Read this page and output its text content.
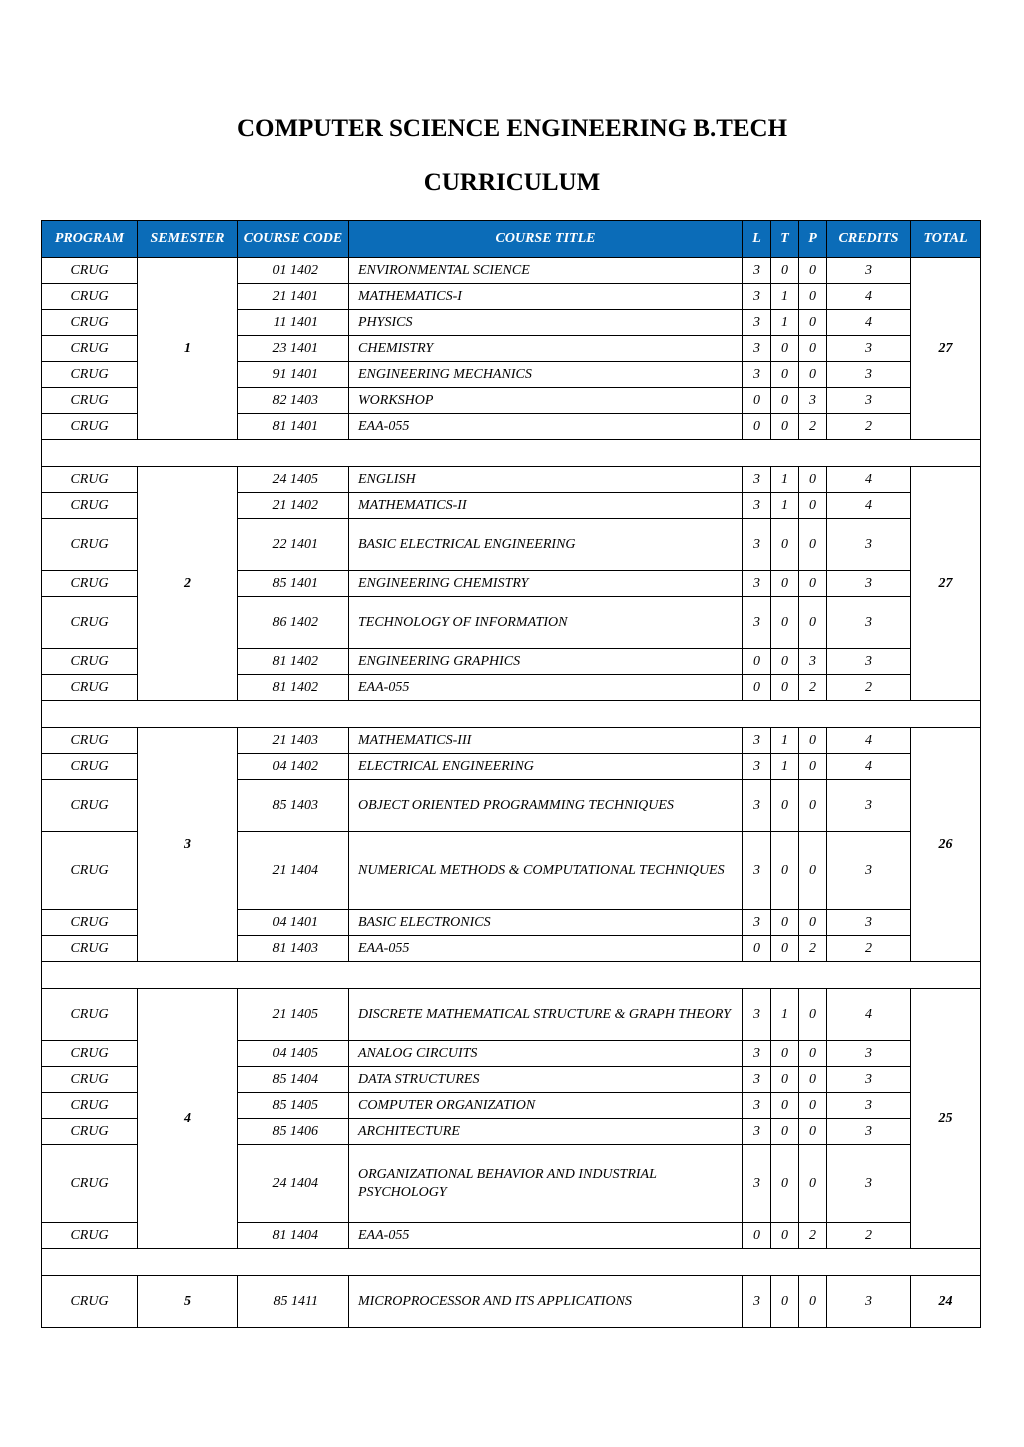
COMPUTER SCIENCE ENGINEERING B.TECH
CURRICULUM
PROGRAM	SEMESTER	COURSE CODE	COURSE TITLE	L	T	P	CREDITS	TOTAL
CRUG	1	01 1402	ENVIRONMENTAL SCIENCE	3	0	0	3	27
CRUG		21 1401	MATHEMATICS-I	3	1	0	4	
CRUG		11 1401	PHYSICS	3	1	0	4	
CRUG		23 1401	CHEMISTRY	3	0	0	3	
CRUG		91 1401	ENGINEERING MECHANICS	3	0	0	3	
CRUG		82 1403	WORKSHOP	0	0	3	3	
CRUG		81 1401	EAA-055	0	0	2	2	

CRUG	2	24 1405	ENGLISH	3	1	0	4	27
CRUG		21 1402	MATHEMATICS-II	3	1	0	4	
CRUG		22 1401	BASIC ELECTRICAL ENGINEERING	3	0	0	3	
CRUG		85 1401	ENGINEERING CHEMISTRY	3	0	0	3	
CRUG		86 1402	TECHNOLOGY OF INFORMATION	3	0	0	3	
CRUG		81 1402	ENGINEERING GRAPHICS	0	0	3	3	
CRUG		81 1402	EAA-055	0	0	2	2	

CRUG	3	21 1403	MATHEMATICS-III	3	1	0	4	26
CRUG		04 1402	ELECTRICAL ENGINEERING	3	1	0	4	
CRUG		85 1403	OBJECT ORIENTED PROGRAMMING TECHNIQUES	3	0	0	3	
CRUG		21 1404	NUMERICAL METHODS & COMPUTATIONAL TECHNIQUES	3	0	0	3	
CRUG		04 1401	BASIC ELECTRONICS	3	0	0	3	
CRUG		81 1403	EAA-055	0	0	2	2	

CRUG	4	21 1405	DISCRETE MATHEMATICAL STRUCTURE & GRAPH THEORY	3	1	0	4	25
CRUG		04 1405	ANALOG CIRCUITS	3	0	0	3	
CRUG		85 1404	DATA STRUCTURES	3	0	0	3	
CRUG		85 1405	COMPUTER ORGANIZATION	3	0	0	3	
CRUG		85 1406	ARCHITECTURE	3	0	0	3	
CRUG		24 1404	ORGANIZATIONAL BEHAVIOR AND INDUSTRIAL PSYCHOLOGY	3	0	0	3	
CRUG		81 1404	EAA-055	0	0	2	2	

CRUG	5	85 1411	MICROPROCESSOR AND ITS APPLICATIONS	3	0	0	3	24
